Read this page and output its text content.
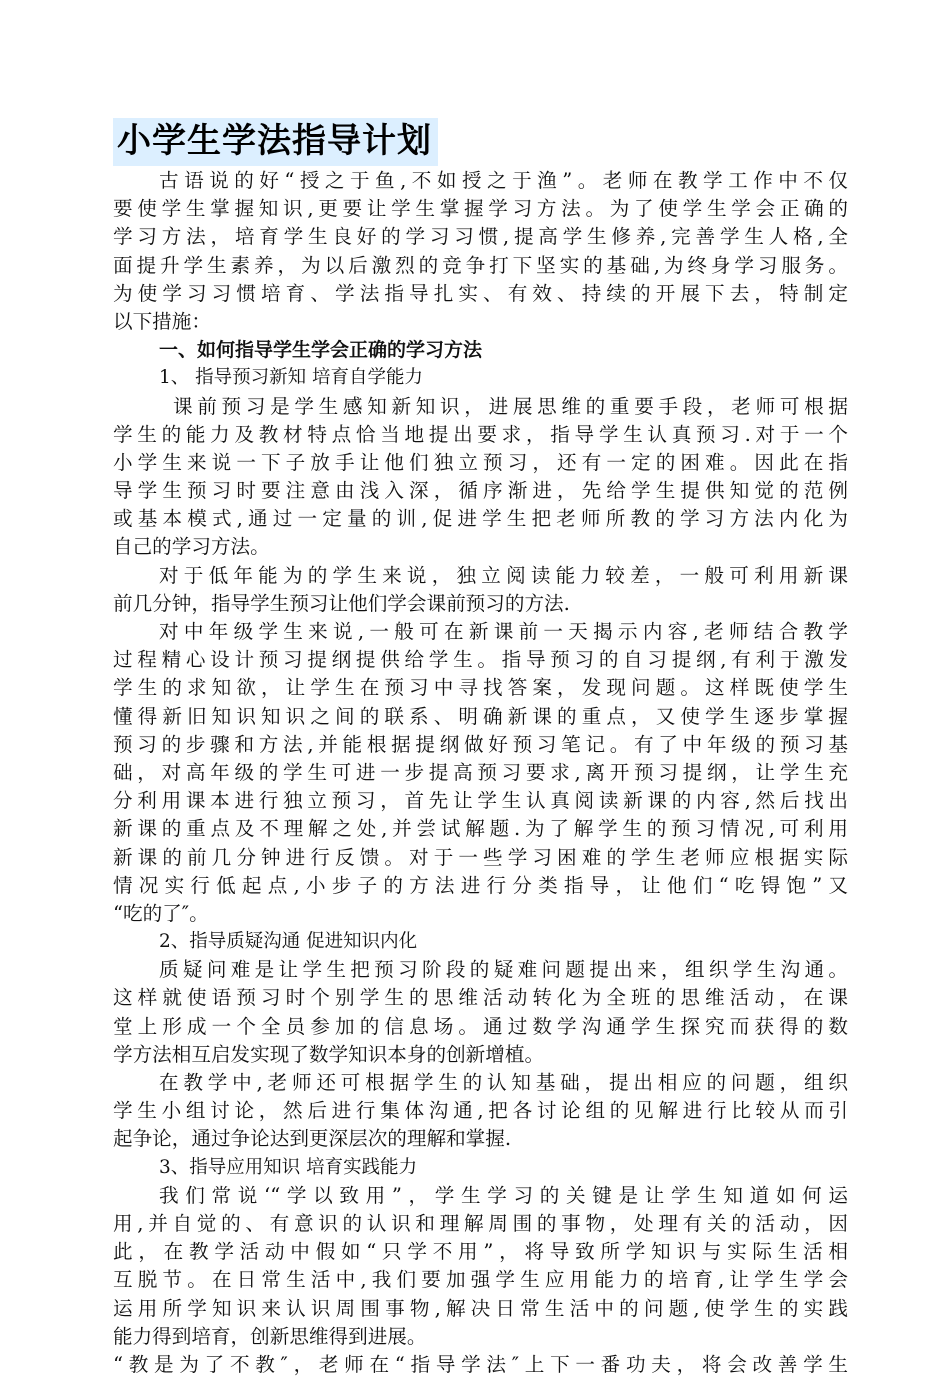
小学生学法指导计划
古语说的好“授之于鱼,不如授之于渔”。老师在教学工作中不仅
要使学生掌握知识,更要让学生掌握学习方法。为了使学生学会正确的
学习方法，培育学生良好的学习习惯,提高学生修养,完善学生人格,全
面提升学生素养，为以后激烈的竞争打下坚实的基础,为终身学习服务。
为使学习习惯培育、学法指导扎实、有效、持续的开展下去，特制定
以下措施：
一、如何指导学生学会正确的学习方法
1、 指导预习新知 培育自学能力
课前预习是学生感知新知识，进展思维的重要手段，老师可根据
学生的能力及教材特点恰当地提出要求，指导学生认真预习.对于一个
小学生来说一下子放手让他们独立预习，还有一定的困难。因此在指
导学生预习时要注意由浅入深，循序渐进，先给学生提供知觉的范例
或基本模式,通过一定量的训,促进学生把老师所教的学习方法内化为
自己的学习方法。
对于低年能为的学生来说，独立阅读能力较差，一般可利用新课
前几分钟，指导学生预习让他们学会课前预习的方法.
对中年级学生来说,一般可在新课前一天揭示内容,老师结合教学
过程精心设计预习提纲提供给学生。指导预习的自习提纲,有利于激发
学生的求知欲，让学生在预习中寻找答案，发现问题。这样既使学生
懂得新旧知识知识之间的联系、明确新课的重点，又使学生逐步掌握
预习的步骤和方法,并能根据提纲做好预习笔记。有了中年级的预习基
础，对高年级的学生可进一步提高预习要求,离开预习提纲，让学生充
分利用课本进行独立预习，首先让学生认真阅读新课的内容,然后找出
新课的重点及不理解之处,并尝试解题.为了解学生的预习情况,可利用
新课的前几分钟进行反馈。对于一些学习困难的学生老师应根据实际
情况实行低起点,小步子的方法进行分类指导，让他们“吃锝饱”又
“吃的了″。
2、指导质疑沟通 促进知识内化
质疑问难是让学生把预习阶段的疑难问题提出来，组织学生沟通。
这样就使语预习时个别学生的思维活动转化为全班的思维活动，在课
堂上形成一个全员参加的信息场。通过数学沟通学生探究而获得的数
学方法相互启发实现了数学知识本身的创新增植。
在教学中,老师还可根据学生的认知基础，提出相应的问题，组织
学生小组讨论，然后进行集体沟通,把各讨论组的见解进行比较从而引
起争论，通过争论达到更深层次的理解和掌握.
3、指导应用知识 培育实践能力
我们常说‘“学以致用”，学生学习的关键是让学生知道如何运
用,并自觉的、有意识的认识和理解周围的事物，处理有关的活动，因
此，在教学活动中假如“只学不用”，将导致所学知识与实际生活相
互脱节。在日常生活中,我们要加强学生应用能力的培育,让学生学会
运用所学知识来认识周围事物,解决日常生活中的问题,使学生的实践
能力得到培育，创新思维得到进展。
“教是为了不教″，老师在“指导学法″上下一番功夫，将会改善学生
